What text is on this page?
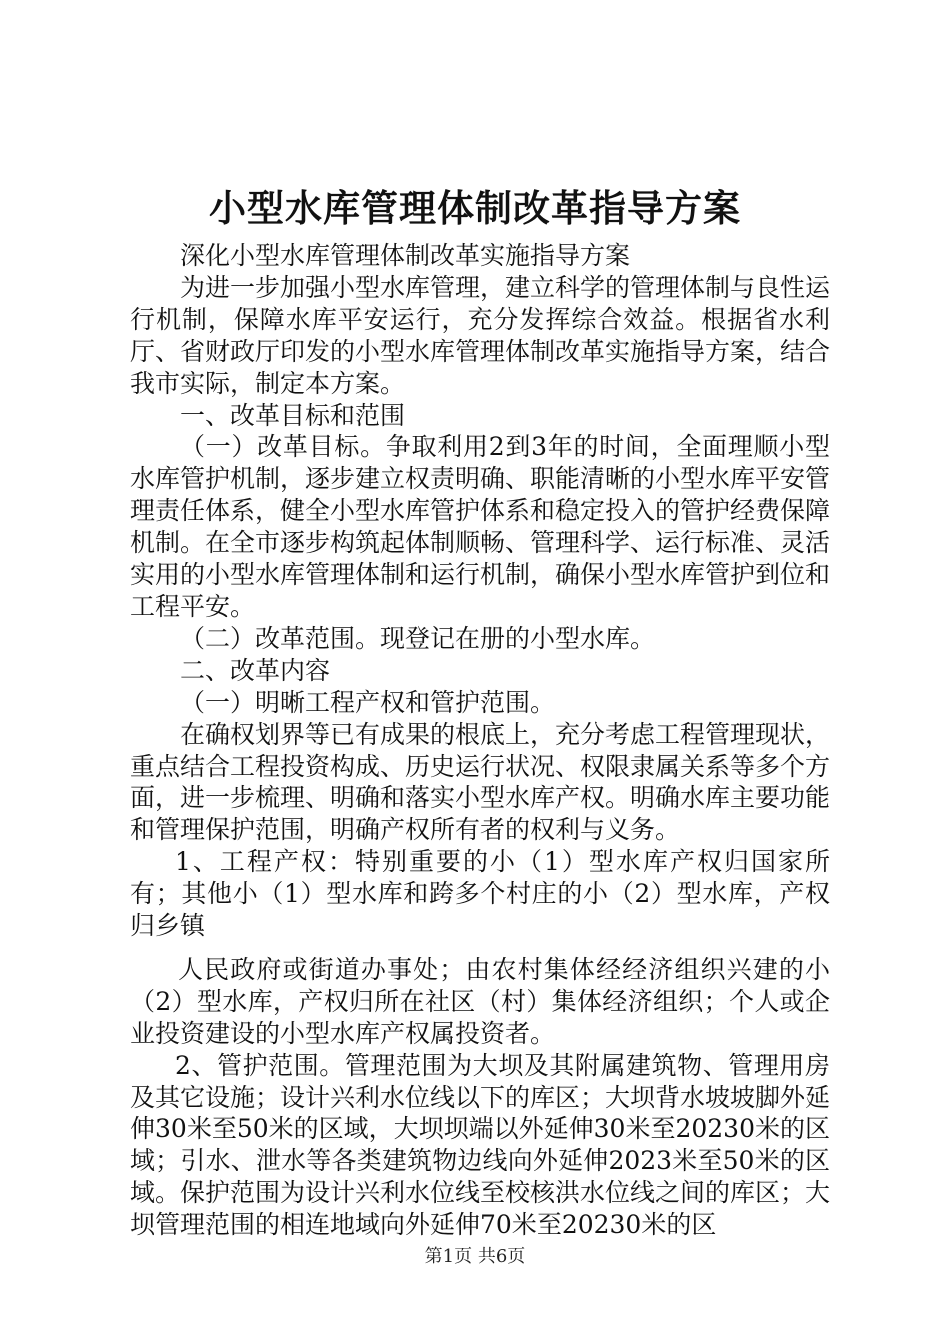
小型水库管理体制改革指导方案

深化小型水库管理体制改革实施指导方案

为进一步加强小型水库管理，建立科学的管理体制与良性运行机制，保障水库平安运行，充分发挥综合效益。根据省水利厅、省财政厅印发的小型水库管理体制改革实施指导方案，结合我市实际，制定本方案。

一、改革目标和范围

（一）改革目标。争取利用2到3年的时间，全面理顺小型水库管护机制，逐步建立权责明确、职能清晰的小型水库平安管理责任体系，健全小型水库管护体系和稳定投入的管护经费保障机制。在全市逐步构筑起体制顺畅、管理科学、运行标准、灵活实用的小型水库管理体制和运行机制，确保小型水库管护到位和工程平安。

（二）改革范围。现登记在册的小型水库。

二、改革内容

（一）明晰工程产权和管护范围。

在确权划界等已有成果的根底上，充分考虑工程管理现状，重点结合工程投资构成、历史运行状况、权限隶属关系等多个方面，进一步梳理、明确和落实小型水库产权。明确水库主要功能和管理保护范围，明确产权所有者的权利与义务。

1、工程产权：特别重要的小（1）型水库产权归国家所有；其他小（1）型水库和跨多个村庄的小（2）型水库，产权归乡镇

人民政府或街道办事处；由农村集体经经济组织兴建的小（2）型水库，产权归所在社区（村）集体经济组织；个人或企业投资建设的小型水库产权属投资者。

2、管护范围。管理范围为大坝及其附属建筑物、管理用房及其它设施；设计兴利水位线以下的库区；大坝背水坡坡脚外延伸30米至50米的区域，大坝坝端以外延伸30米至20230米的区域；引水、泄水等各类建筑物边线向外延伸2023米至50米的区域。保护范围为设计兴利水位线至校核洪水位线之间的库区；大坝管理范围的相连地域向外延伸70米至20230米的区

第1页 共6页
